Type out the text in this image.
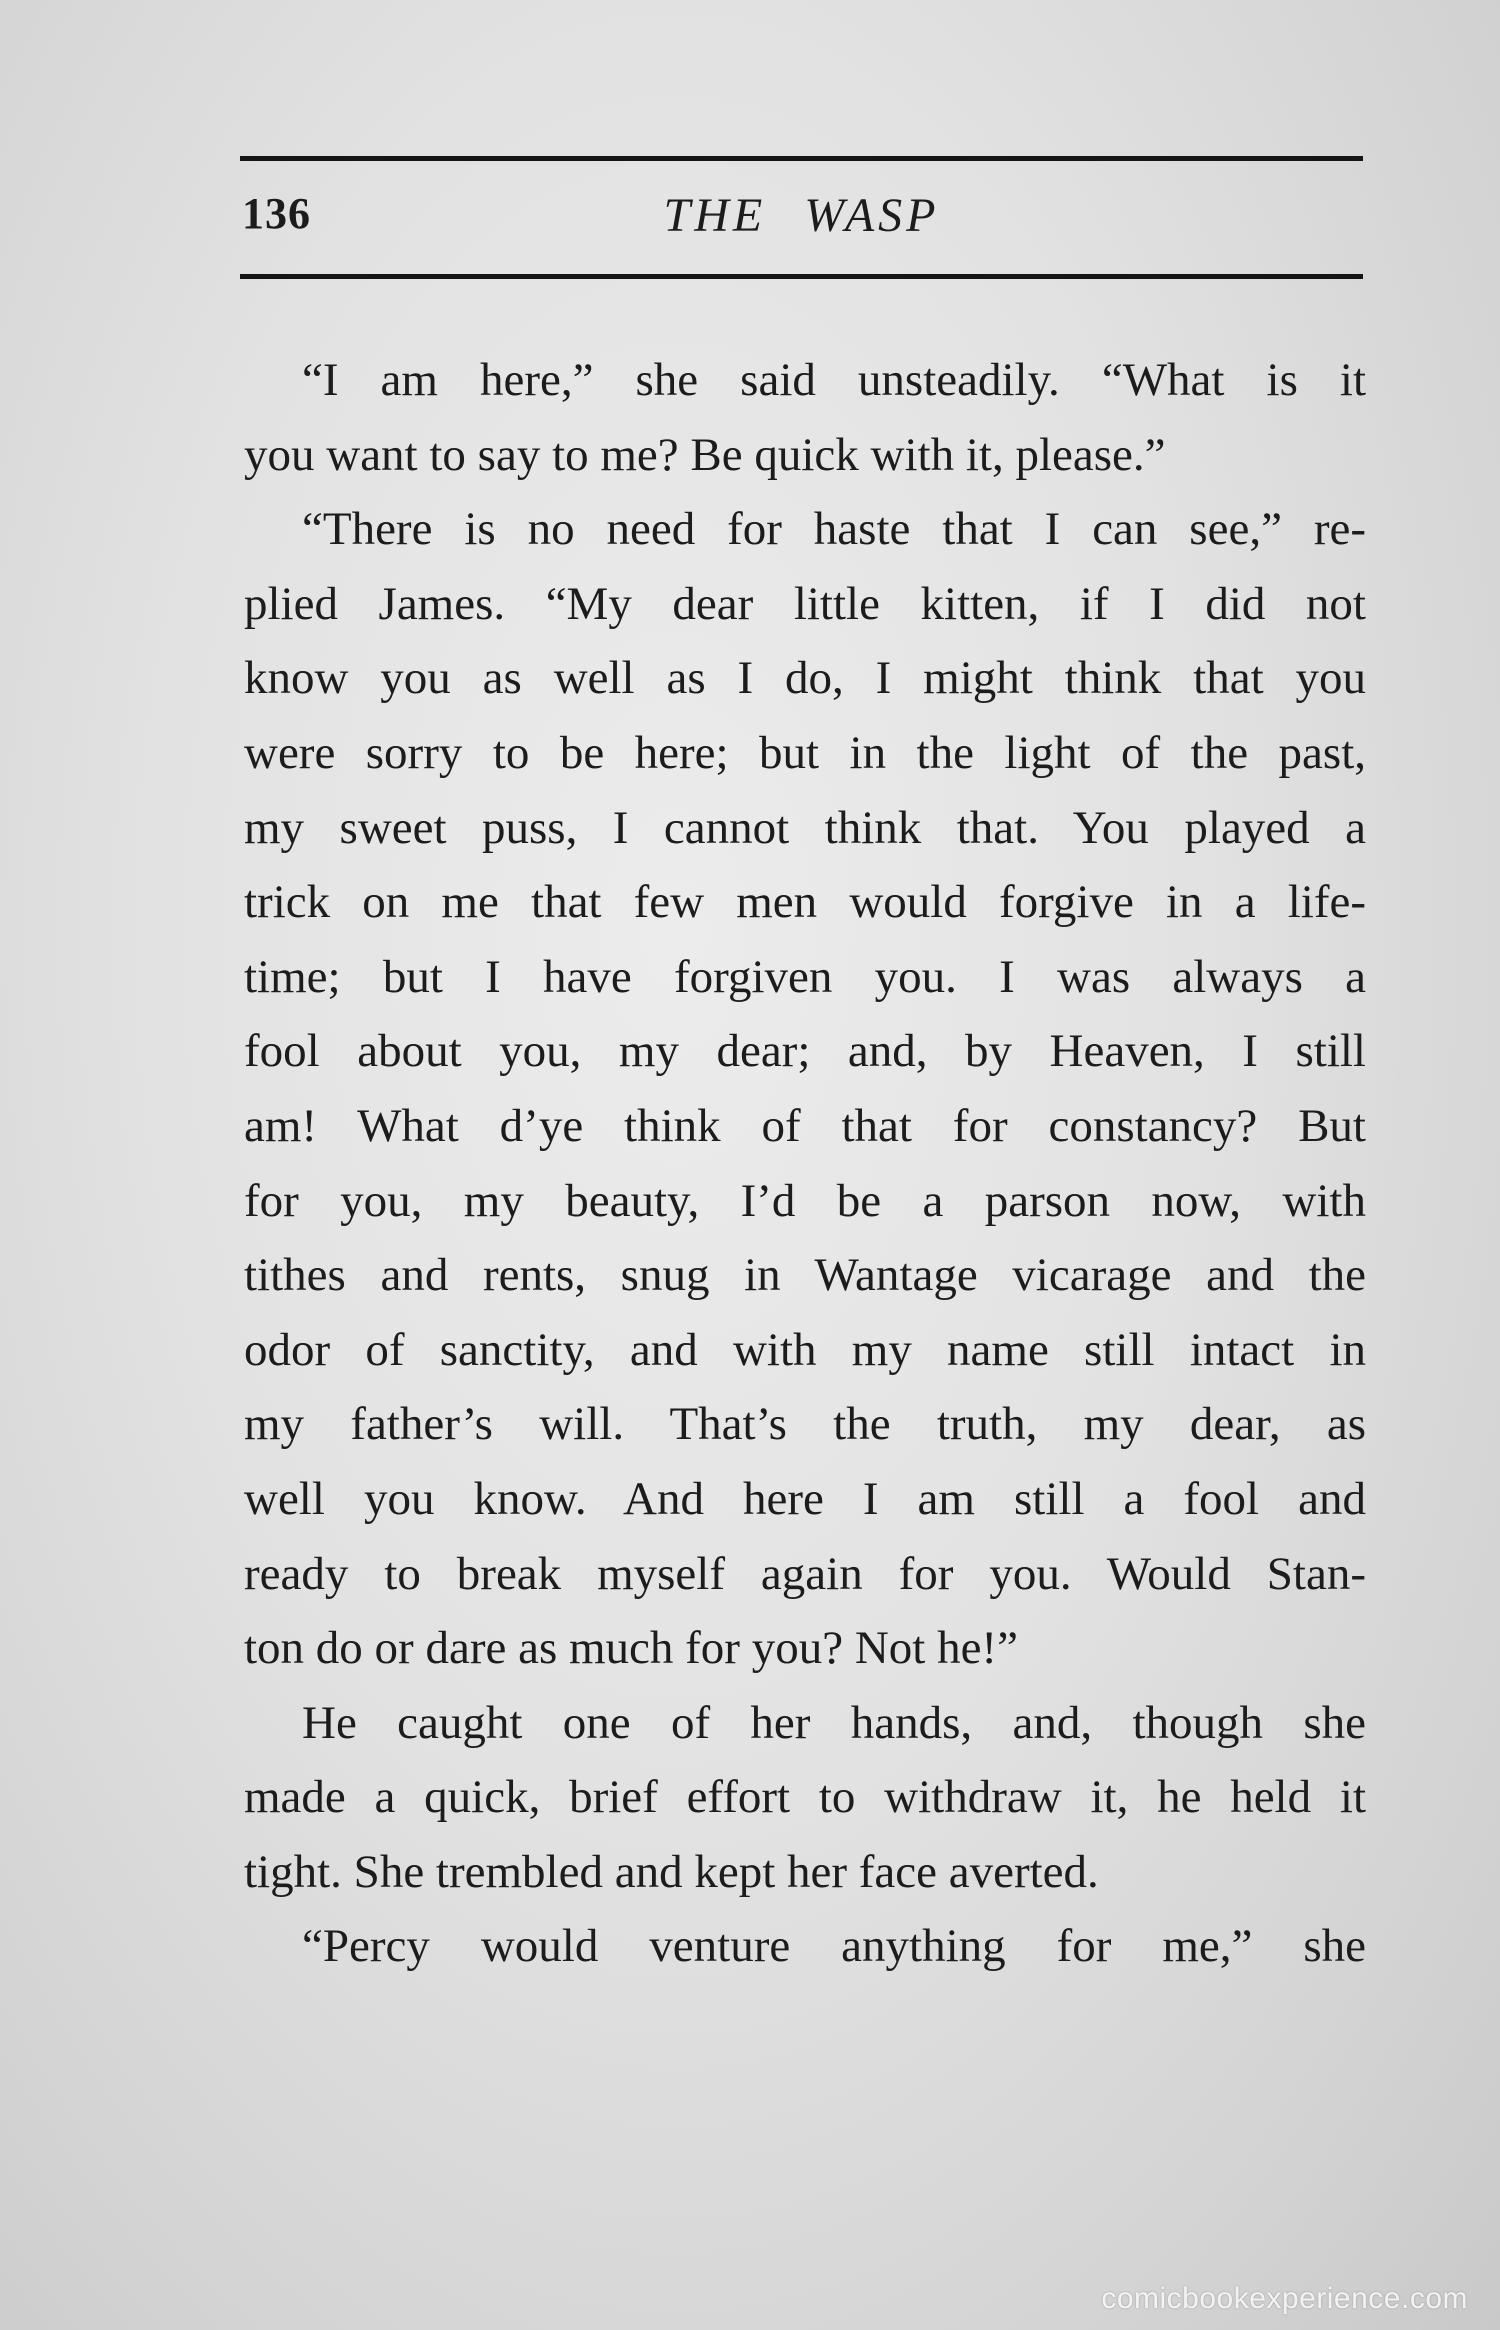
136	THE WASP
“I am here,” she said unsteadily. “What is it
you want to say to me? Be quick with it, please.”
“There is no need for haste that I can see,” re-
plied James. “My dear little kitten, if I did not
know you as well as I do, I might think that you
were sorry to be here; but in the light of the past,
my sweet puss, I cannot think that. You played a
trick on me that few men would forgive in a life-
time; but I have forgiven you. I was always a
fool about you, my dear; and, by Heaven, I still
am! What d’ye think of that for constancy? But
for you, my beauty, I’d be a parson now, with
tithes and rents, snug in Wantage vicarage and the
odor of sanctity, and with my name still intact in
my father’s will. That’s the truth, my dear, as
well you know. And here I am still a fool and
ready to break myself again for you. Would Stan-
ton do or dare as much for you? Not he!”
He caught one of her hands, and, though she
made a quick, brief effort to withdraw it, he held it
tight. She trembled and kept her face averted.
“Percy would venture anything for me,” she
comicbookexperience.com
